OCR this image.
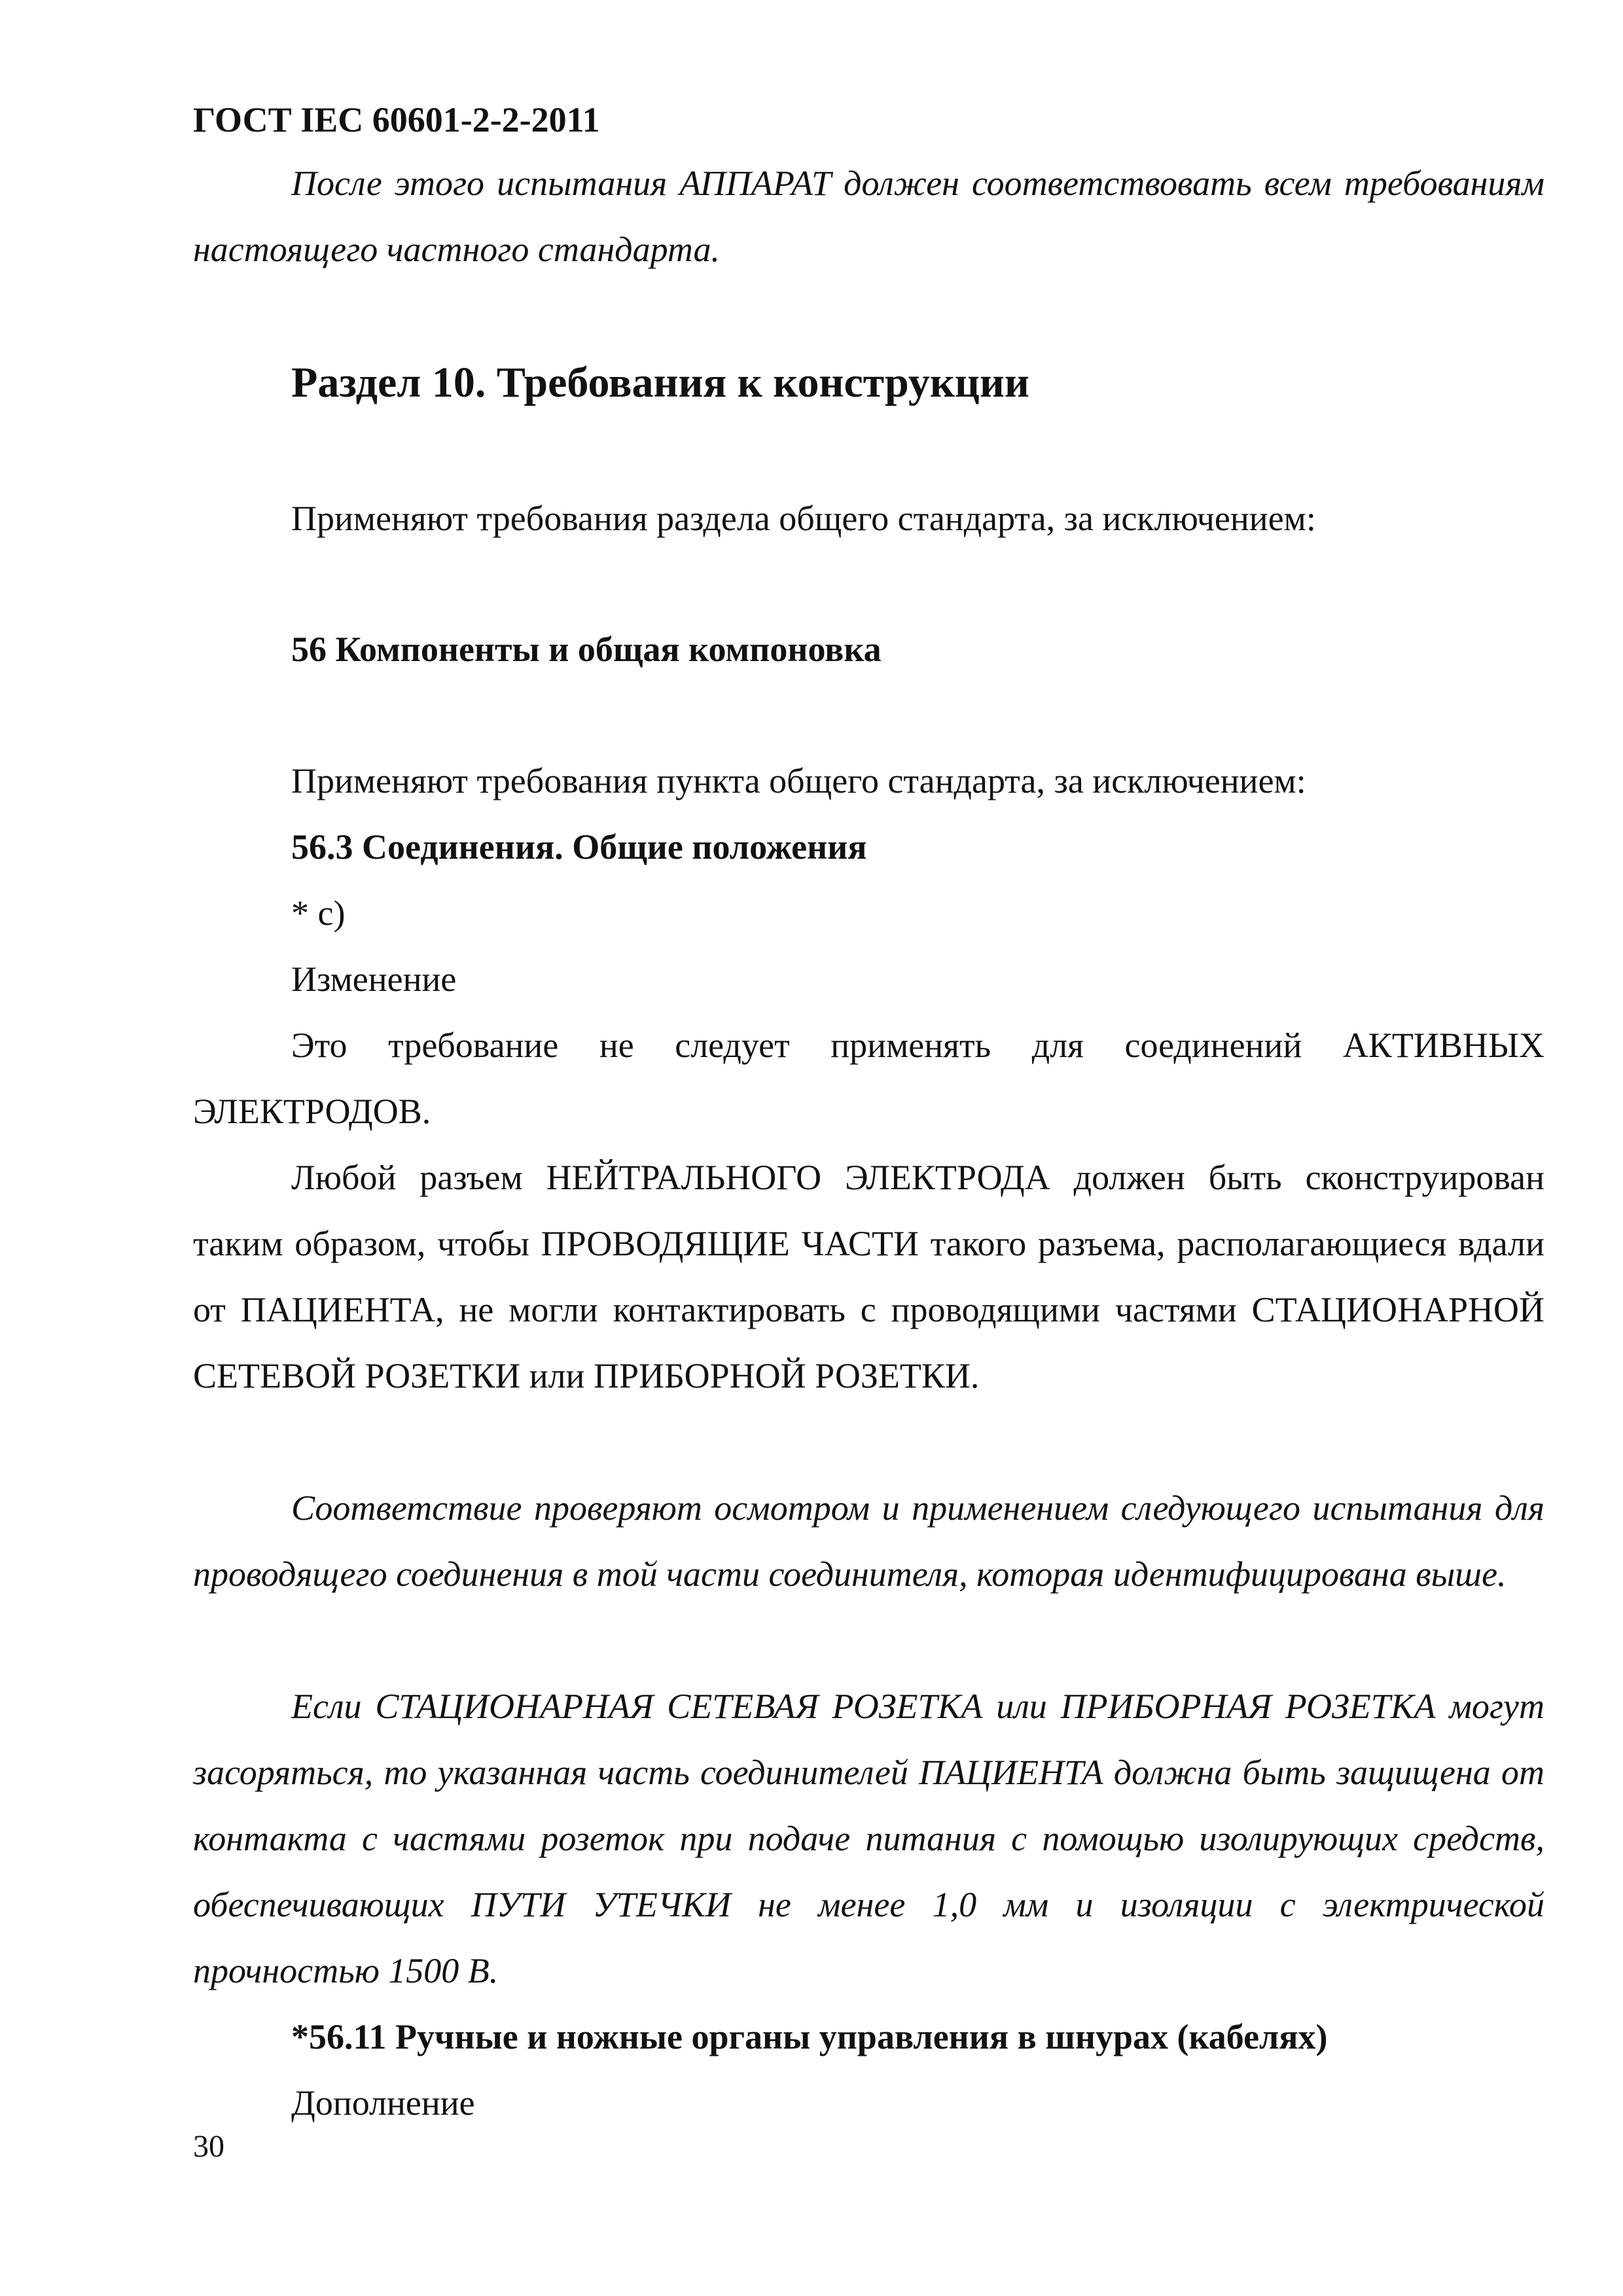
ГОСТ IEC 60601-2-2-2011

После этого испытания АППАРАТ должен соответствовать всем требованиям настоящего частного стандарта.

Раздел 10. Требования к конструкции

Применяют требования раздела общего стандарта, за исключением:

56 Компоненты и общая компоновка

Применяют требования пункта общего стандарта, за исключением:

56.3 Соединения. Общие положения

* с)

Изменение

Это требование не следует применять для соединений АКТИВНЫХ ЭЛЕКТРОДОВ.

Любой разъем НЕЙТРАЛЬНОГО ЭЛЕКТРОДА должен быть сконструирован таким образом, чтобы ПРОВОДЯЩИЕ ЧАСТИ такого разъема, располагающиеся вдали от ПАЦИЕНТА, не могли контактировать с проводящими частями СТАЦИОНАРНОЙ СЕТЕВОЙ РОЗЕТКИ или ПРИБОРНОЙ РОЗЕТКИ.

Соответствие проверяют осмотром и применением следующего испытания для проводящего соединения в той части соединителя, которая идентифицирована выше.

Если СТАЦИОНАРНАЯ СЕТЕВАЯ РОЗЕТКА или ПРИБОРНАЯ РОЗЕТКА могут засоряться, то указанная часть соединителей ПАЦИЕНТА должна быть защищена от контакта с частями розеток при подаче питания с помощью изолирующих средств, обеспечивающих ПУТИ УТЕЧКИ не менее 1,0 мм и изоляции с электрической прочностью 1500 В.

*56.11 Ручные и ножные органы управления в шнурах (кабелях)

Дополнение

30
